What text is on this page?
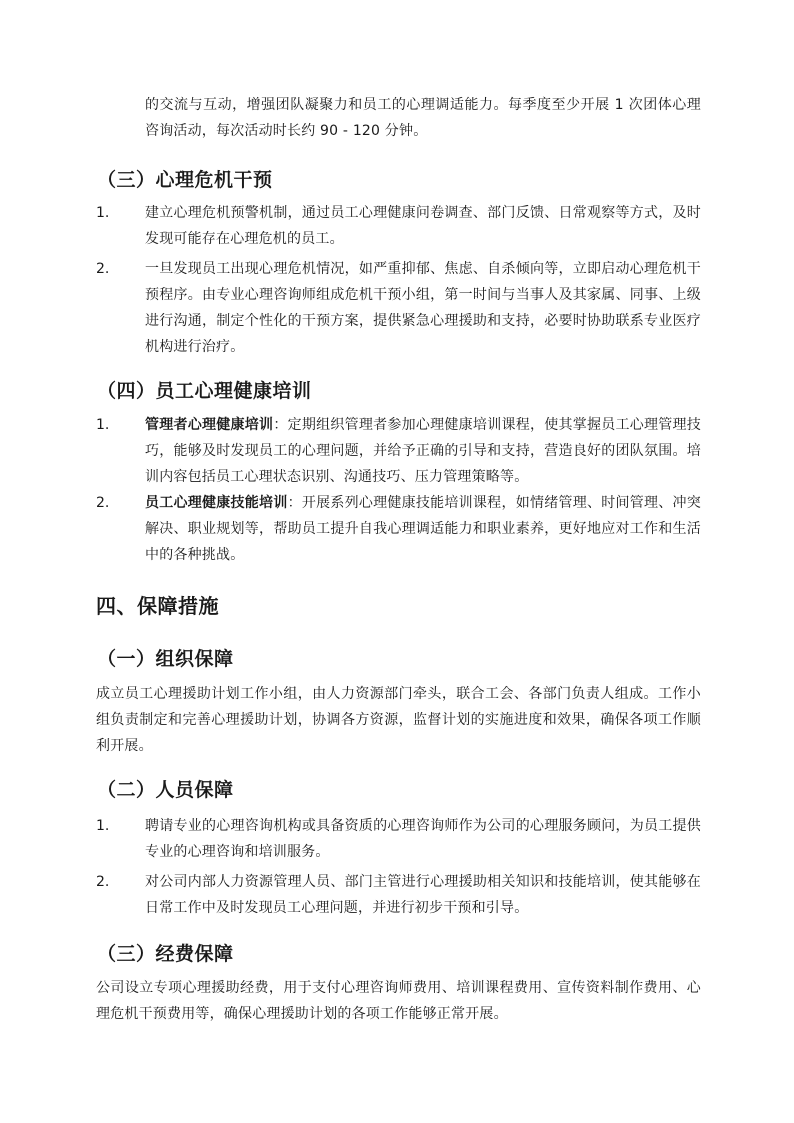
的交流与互动，增强团队凝聚力和员工的心理调适能力。每季度至少开展 1 次团体心理咨询活动，每次活动时长约 90 - 120 分钟。

（三）心理危机干预
1.	建立心理危机预警机制，通过员工心理健康问卷调查、部门反馈、日常观察等方式，及时发现可能存在心理危机的员工。

2.	一旦发现员工出现心理危机情况，如严重抑郁、焦虑、自杀倾向等，立即启动心理危机干预程序。由专业心理咨询师组成危机干预小组，第一时间与当事人及其家属、同事、上级进行沟通，制定个性化的干预方案，提供紧急心理援助和支持，必要时协助联系专业医疗机构进行治疗。

（四）员工心理健康培训
1.	管理者心理健康培训：定期组织管理者参加心理健康培训课程，使其掌握员工心理管理技巧，能够及时发现员工的心理问题，并给予正确的引导和支持，营造良好的团队氛围。培训内容包括员工心理状态识别、沟通技巧、压力管理策略等。

2.	员工心理健康技能培训：开展系列心理健康技能培训课程，如情绪管理、时间管理、冲突解决、职业规划等，帮助员工提升自我心理调适能力和职业素养，更好地应对工作和生活中的各种挑战。

四、保障措施
（一）组织保障

成立员工心理援助计划工作小组，由人力资源部门牵头，联合工会、各部门负责人组成。工作小组负责制定和完善心理援助计划，协调各方资源，监督计划的实施进度和效果，确保各项工作顺利开展。

（二）人员保障
1.	聘请专业的心理咨询机构或具备资质的心理咨询师作为公司的心理服务顾问，为员工提供专业的心理咨询和培训服务。

2.	对公司内部人力资源管理人员、部门主管进行心理援助相关知识和技能培训，使其能够在日常工作中及时发现员工心理问题，并进行初步干预和引导。

（三）经费保障

公司设立专项心理援助经费，用于支付心理咨询师费用、培训课程费用、宣传资料制作费用、心理危机干预费用等，确保心理援助计划的各项工作能够正常开展。
